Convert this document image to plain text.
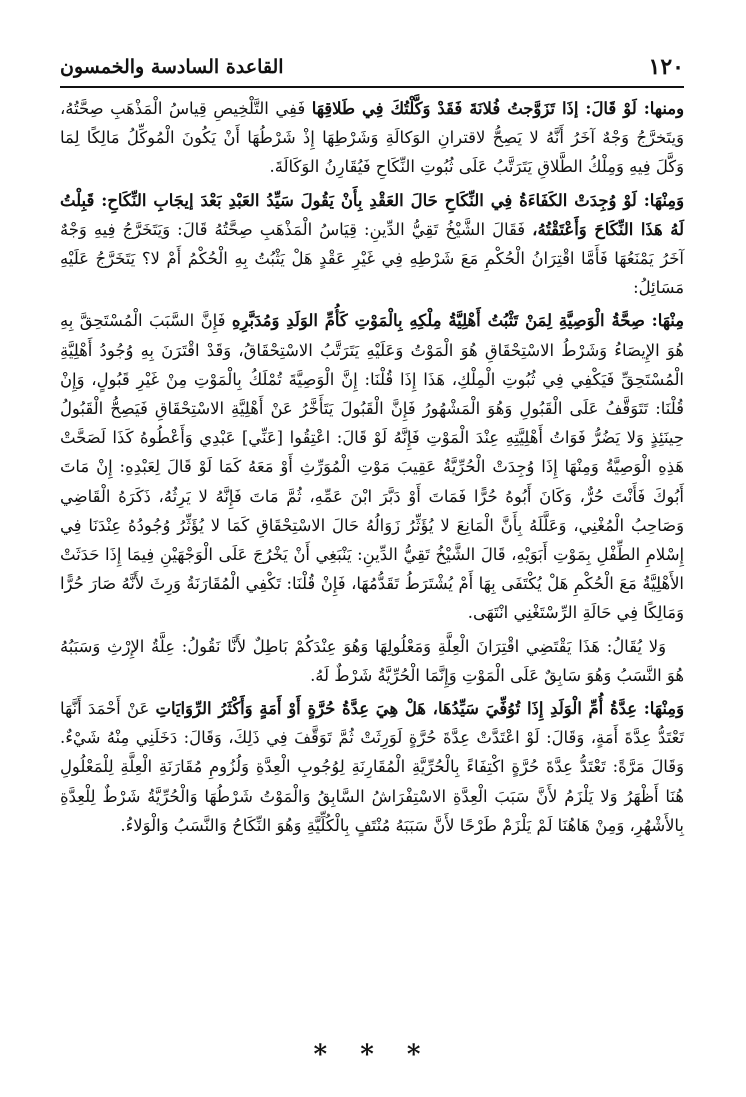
١٢٠
القاعدة السادسة والخمسون

ومنها: لَوْ قَالَ: إذَا تَزَوَّجتُ فُلانَةَ فَقَدْ وَكَّلْتُكَ فِي طَلاقِهَا فَفِي التَّلْخِيصِ قِياسُ الْمَذْهَبِ صِحَّتُهُ، وَيتَخرَّجُ وَجْهٌ آخَرُ أَنَّهُ لا يَصِحُّ لاقترانِ الوَكالَةِ وَشَرْطِهَا إِذْ شَرْطُهَا أَنْ يَكُونَ الْمُوكِّلُ مَالِكًا لِمَا وَكَّلَ فِيهِ وَمِلْكُ الطَّلاقِ يَتَرَتَّبُ عَلَى ثُبُوتِ النِّكَاحِ فَيُقَارِنُ الوَكَالَةَ.

وَمِنْهَا: لَوْ وُجِدَتْ الكَفَاءَةُ فِي النِّكَاحِ حَالَ العَقْدِ بِأَنْ يَقُولَ سَيِّدُ العَبْدِ بَعْدَ إيجَابِ النِّكَاحِ: قَبِلْتُ لَهُ هَذَا النِّكَاحَ وَأَعْتَقْتُهُ، فَقَالَ الشَّيْخُ تَقِيُّ الدِّينِ: قِيَاسُ الْمَذْهَبِ صِحَّتُهُ قَالَ: وَيَتَخَرَّجُ فِيهِ وَجْهٌ آخَرُ يَمْنَعُهَا فَأَمَّا اقْتِرَانُ الْحُكْمِ مَعَ شَرْطِهِ فِي غَيْرِ عَقْدٍ هَلْ يَثْبُتُ بِهِ الْحُكْمُ أَمْ لا؟ يَتَخَرَّجُ عَلَيْهِ مَسَائِلُ:

مِنْهَا: صِحَّةُ الْوَصِيَّةِ لِمَنْ تَثْبُتُ أَهْلِيَّةُ مِلْكِهِ بِالْمَوْتِ كَأُمِّ الوَلَدِ وَمُدَبَّرِهِ فَإِنَّ السَّبَبَ الْمُسْتَحِقَّ بِهِ هُوَ الإِيصَاءُ وَشَرْطُ الاسْتِحْقَاقِ هُوَ الْمَوْتُ وَعَلَيْهِ يَتَرَتَّبُ الاسْتِحْقَاقُ، وَقَدْ اقْتَرَنَ بِهِ وُجُودُ أَهْلِيَّةِ الْمُسْتَحِقِّ فَيَكْفِي فِي ثُبُوتِ الْمِلْكِ، هَذَا إِذَا قُلْنَا: إِنَّ الْوَصِيَّةَ تُمْلَكُ بِالْمَوْتِ مِنْ غَيْرِ قَبُولٍ، وَإِنْ قُلْنَا: تَتَوَقَّفُ عَلَى الْقَبُولِ وَهُوَ الْمَشْهُورُ فَإِنَّ الْقَبُولَ يَتَأَخَّرُ عَنْ أَهْلِيَّةِ الاسْتِحْقَاقِ فَيَصِحُّ الْقَبُولُ حِينَئِذٍ وَلا يَضُرُّ فَوَاتُ أَهْلِيَّتِهِ عِنْدَ الْمَوْتِ فَإِنَّهُ لَوْ قَالَ: اعْتِقُوا [عَنِّي] عَبْدِي وَأَعْطُوهُ كَذَا لَصَحَّتْ هَذِهِ الْوَصِيَّةُ وَمِنْهَا إِذَا وُجِدَتْ الْحُرِّيَّةُ عَقِيبَ مَوْتِ الْمُوَرِّثِ أَوْ مَعَهُ كَمَا لَوْ قَالَ لِعَبْدِهِ: إِنْ مَاتَ أَبُوكَ فَأَنْتَ حُرٌّ، وَكَانَ أَبُوهُ حُرًّا فَمَاتَ أَوْ دَبَّرَ ابْنَ عَمِّهِ، ثُمَّ مَاتَ فَإِنَّهُ لا يَرِثُهُ، ذَكَرَهُ الْقَاضِي وَصَاحِبُ الْمُغْنِي، وَعَلَّلَهُ بِأَنَّ الْمَانِعَ لا يُؤَثِّرُ زَوَالُهُ حَالَ الاسْتِحْقَاقِ كَمَا لا يُؤَثِّرُ وُجُودُهُ عِنْدَنَا فِي إِسْلامِ الطِّفْلِ بِمَوْتِ أَبَوَيْهِ، قَالَ الشَّيْخُ تَقِيُّ الدِّينِ: يَنْبَغِي أَنْ يَخْرُجَ عَلَى الْوَجْهَيْنِ فِيمَا إِذَا حَدَثَتْ الأَهْلِيَّةُ مَعَ الْحُكْمِ هَلْ يُكْتَفَى بِهَا أَمْ يُشْتَرَطُ تَقَدُّمُهَا، فَإِنْ قُلْنَا: تَكْفِي الْمُقَارَنَةُ وَرِثَ لأَنَّهُ صَارَ حُرًّا وَمَالِكًا فِي حَالَةِ الرِّسْتَغْنِي انْتَهَى.

وَلا يُقَالُ: هَذَا يَقْتَضِي اقْتِرَانَ الْعِلَّةِ وَمَعْلُولِهَا وَهُوَ عِنْدَكُمْ بَاطِلٌ لأَنَّا نَقُولُ: عِلَّةُ الإِرْثِ وَسَبَبُهُ هُوَ النَّسَبُ وَهُوَ سَابِقٌ عَلَى الْمَوْتِ وَإِنَّمَا الْحُرِّيَّةُ شَرْطٌ لَهُ.

وَمِنْهَا: عِدَّةُ أُمِّ الْوَلَدِ إِذَا تُوُفِّيَ سَيِّدُهَا، هَلْ هِيَ عِدَّةُ حُرَّةٍ أَوْ أَمَةٍ وَأَكْثَرُ الرِّوَايَاتِ عَنْ أَحْمَدَ أَنَّهَا تَعْتَدُّ عِدَّةَ أَمَةٍ، وَقَالَ: لَوْ اعْتَدَّتْ عِدَّةَ حُرَّةٍ لَوَرِثَتْ ثُمَّ تَوَقَّفَ فِي ذَلِكَ، وَقَالَ: دَخَلَنِي مِنْهُ شَيْءٌ. وَقَالَ مَرَّةً: تَعْتَدُّ عِدَّةَ حُرَّةٍ اكْتِفَاءً بِالْحُرِّيَّةِ الْمُقَارِنَةِ لِوُجُوبِ الْعِدَّةِ وَلُزُومِ مُقَارَنَةِ الْعِلَّةِ لِلْمَعْلُولِ هُنَا أَظْهَرُ وَلا يَلْزَمُ لأَنَّ سَبَبَ الْعِدَّةِ الاسْتِفْرَاشُ السَّابِقُ وَالْمَوْتُ شَرْطُهَا وَالْحُرِّيَّةُ شَرْطٌ لِلْعِدَّةِ بِالأَشْهُرِ، وَمِنْ هَاهُنَا لَمْ يَلْزَمْ طَرْحًا لأَنَّ سَبَبَهُ مُنْتَفٍ بِالْكُلِّيَّةِ وَهُوَ النِّكَاحُ وَالنَّسَبُ وَالْوَلاءُ.

* * *
